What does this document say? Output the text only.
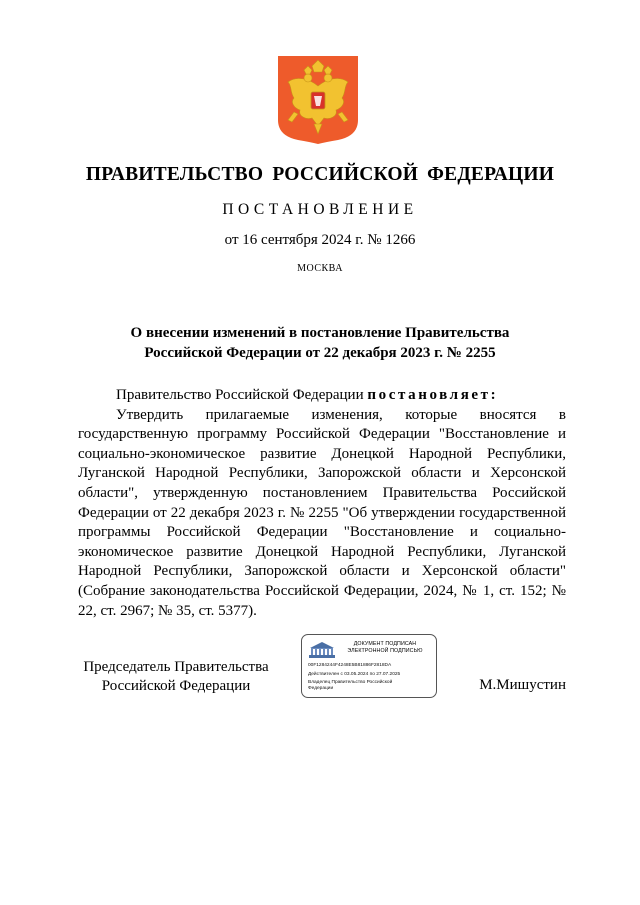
ПРАВИТЕЛЬСТВО РОССИЙСКОЙ ФЕДЕРАЦИИ
ПОСТАНОВЛЕНИЕ
от 16 сентября 2024 г. № 1266
МОСКВА
О внесении изменений в постановление Правительства
Российской Федерации от 22 декабря 2023 г. № 2255

Правительство Российской Федерации постановляет:

Утвердить прилагаемые изменения, которые вносятся в государственную программу Российской Федерации "Восстановление и социально-экономическое развитие Донецкой Народной Республики, Луганской Народной Республики, Запорожской области и Херсонской области", утвержденную постановлением Правительства Российской Федерации от 22 декабря 2023 г. № 2255 "Об утверждении государственной программы Российской Федерации "Восстановление и социально-экономическое развитие Донецкой Народной Республики, Луганской Народной Республики, Запорожской области и Херсонской области" (Собрание законодательства Российской Федерации, 2024, № 1, ст. 152; № 22, ст. 2967; № 35, ст. 5377).

Председатель Правительства
Российской Федерации
ДОКУМЕНТ ПОДПИСАН
ЭЛЕКТРОННОЙ ПОДПИСЬЮ
00F1284244F4248E5B81886F2818DA
Действителен с 03.05.2024 по 27.07.2025
Владелец Правительство Российской
Федерации	М.Мишустин
